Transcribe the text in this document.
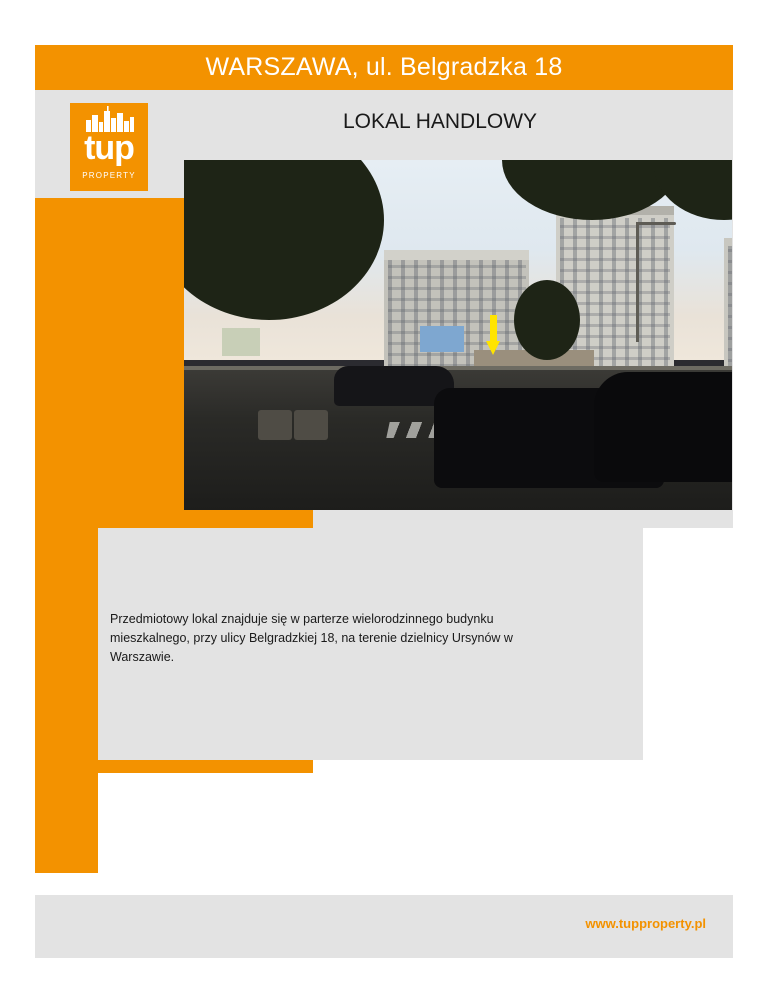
WARSZAWA, ul. Belgradzka 18
tup
PROPERTY
LOKAL HANDLOWY
Przedmiotowy lokal znajduje się w parterze wielorodzinnego budynku mieszkalnego, przy ulicy Belgradzkiej 18, na terenie dzielnicy Ursynów w Warszawie.
www.tupproperty.pl
